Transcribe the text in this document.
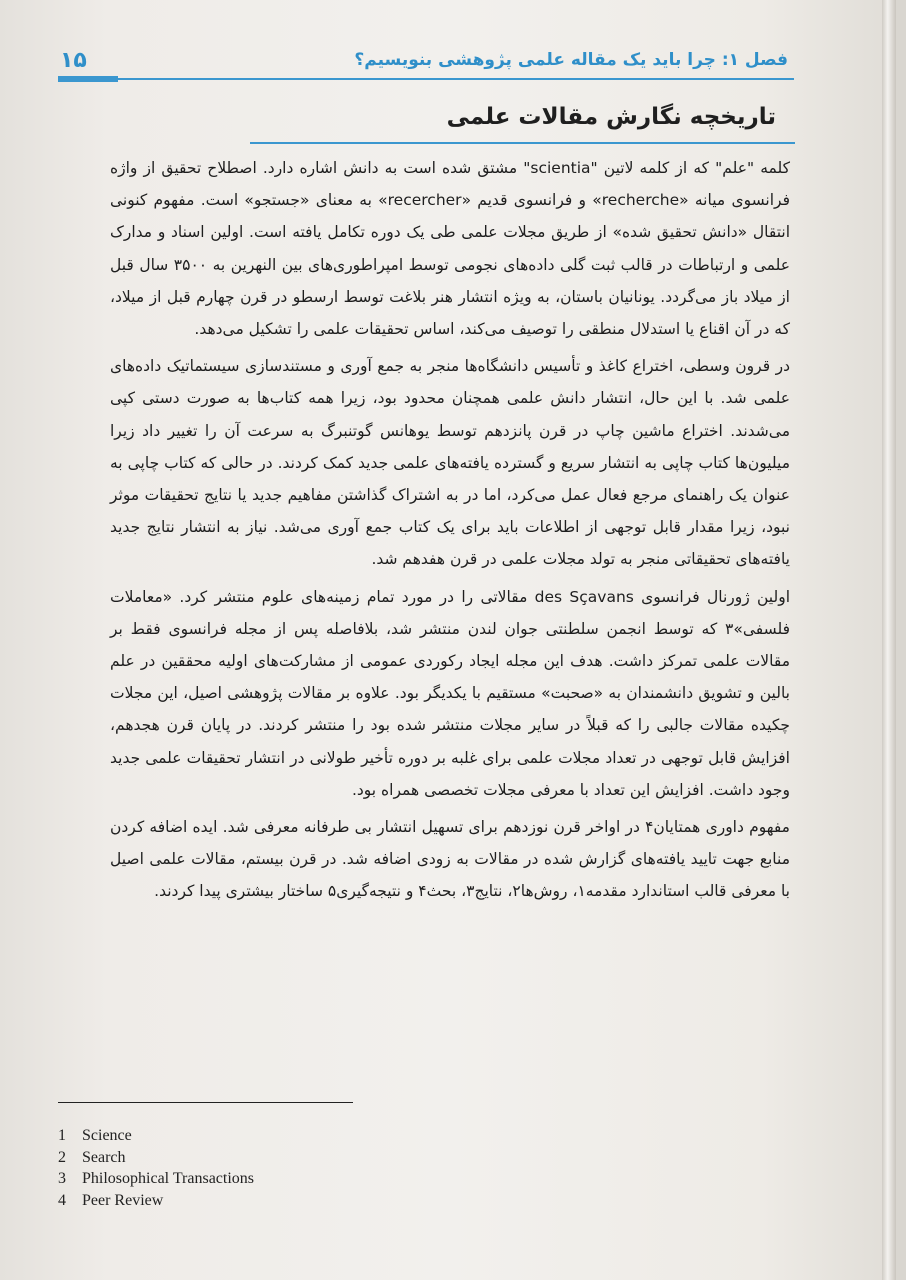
۱۵	فصل ۱: چرا باید یک مقاله علمی پژوهشی بنویسیم؟
تاریخچه نگارش مقالات علمی

کلمه "علم" که از کلمه لاتین "scientia" مشتق شده است به دانش اشاره دارد. اصطلاح تحقیق از واژه فرانسوی میانه «recherche» و فرانسوی قدیم «recercher» به معنای «جستجو» است. مفهوم کنونی انتقال «دانش تحقیق شده» از طریق مجلات علمی طی یک دوره تکامل یافته است. اولین اسناد و مدارک علمی و ارتباطات در قالب ثبت گلی داده‌های نجومی توسط امپراطوری‌های بین النهرین به ۳۵۰۰ سال قبل از میلاد باز می‌گردد. یونانیان باستان، به ویژه انتشار هنر بلاغت توسط ارسطو در قرن چهارم قبل از میلاد، که در آن اقناع یا استدلال منطقی را توصیف می‌کند، اساس تحقیقات علمی را تشکیل می‌دهد.

در قرون وسطی، اختراع کاغذ و تأسیس دانشگاه‌ها منجر به جمع آوری و مستندسازی سیستماتیک داده‌های علمی شد. با این حال، انتشار دانش علمی همچنان محدود بود، زیرا همه کتاب‌ها به صورت دستی کپی می‌شدند. اختراع ماشین چاپ در قرن پانزدهم توسط یوهانس گوتنبرگ به سرعت آن را تغییر داد زیرا میلیون‌ها کتاب چاپی به انتشار سریع و گسترده یافته‌های علمی جدید کمک کردند. در حالی که کتاب چاپی به عنوان یک راهنمای مرجع فعال عمل می‌کرد، اما در به اشتراک گذاشتن مفاهیم جدید یا نتایج تحقیقات موثر نبود، زیرا مقدار قابل توجهی از اطلاعات باید برای یک کتاب جمع آوری می‌شد. نیاز به انتشار نتایج جدید یافته‌های تحقیقاتی منجر به تولد مجلات علمی در قرن هفدهم شد.

اولین ژورنال فرانسوی des Sçavans مقالاتی را در مورد تمام زمینه‌های علوم منتشر کرد. «معاملات فلسفی»۳ که توسط انجمن سلطنتی جوان لندن منتشر شد، بلافاصله پس از مجله فرانسوی فقط بر مقالات علمی تمرکز داشت. هدف این مجله ایجاد رکوردی عمومی از مشارکت‌های اولیه محققین در علم بالین و تشویق دانشمندان به «صحبت» مستقیم با یکدیگر بود. علاوه بر مقالات پژوهشی اصیل، این مجلات چکیده مقالات جالبی را که قبلاً در سایر مجلات منتشر شده بود را منتشر کردند. در پایان قرن هجدهم، افزایش قابل توجهی در تعداد مجلات علمی برای غلبه بر دوره تأخیر طولانی در انتشار تحقیقات علمی جدید وجود داشت. افزایش این تعداد با معرفی مجلات تخصصی همراه بود.

مفهوم داوری همتایان۴ در اواخر قرن نوزدهم برای تسهیل انتشار بی طرفانه معرفی شد. ایده اضافه کردن منابع جهت تایید یافته‌های گزارش شده در مقالات به زودی اضافه شد. در قرن بیستم، مقالات علمی اصیل با معرفی قالب استاندارد مقدمه۱، روش‌ها۲، نتایج۳، بحث۴ و نتیجه‌گیری۵ ساختار بیشتری پیدا کردند.

1 Science
2 Search
3 Philosophical Transactions
4 Peer Review
